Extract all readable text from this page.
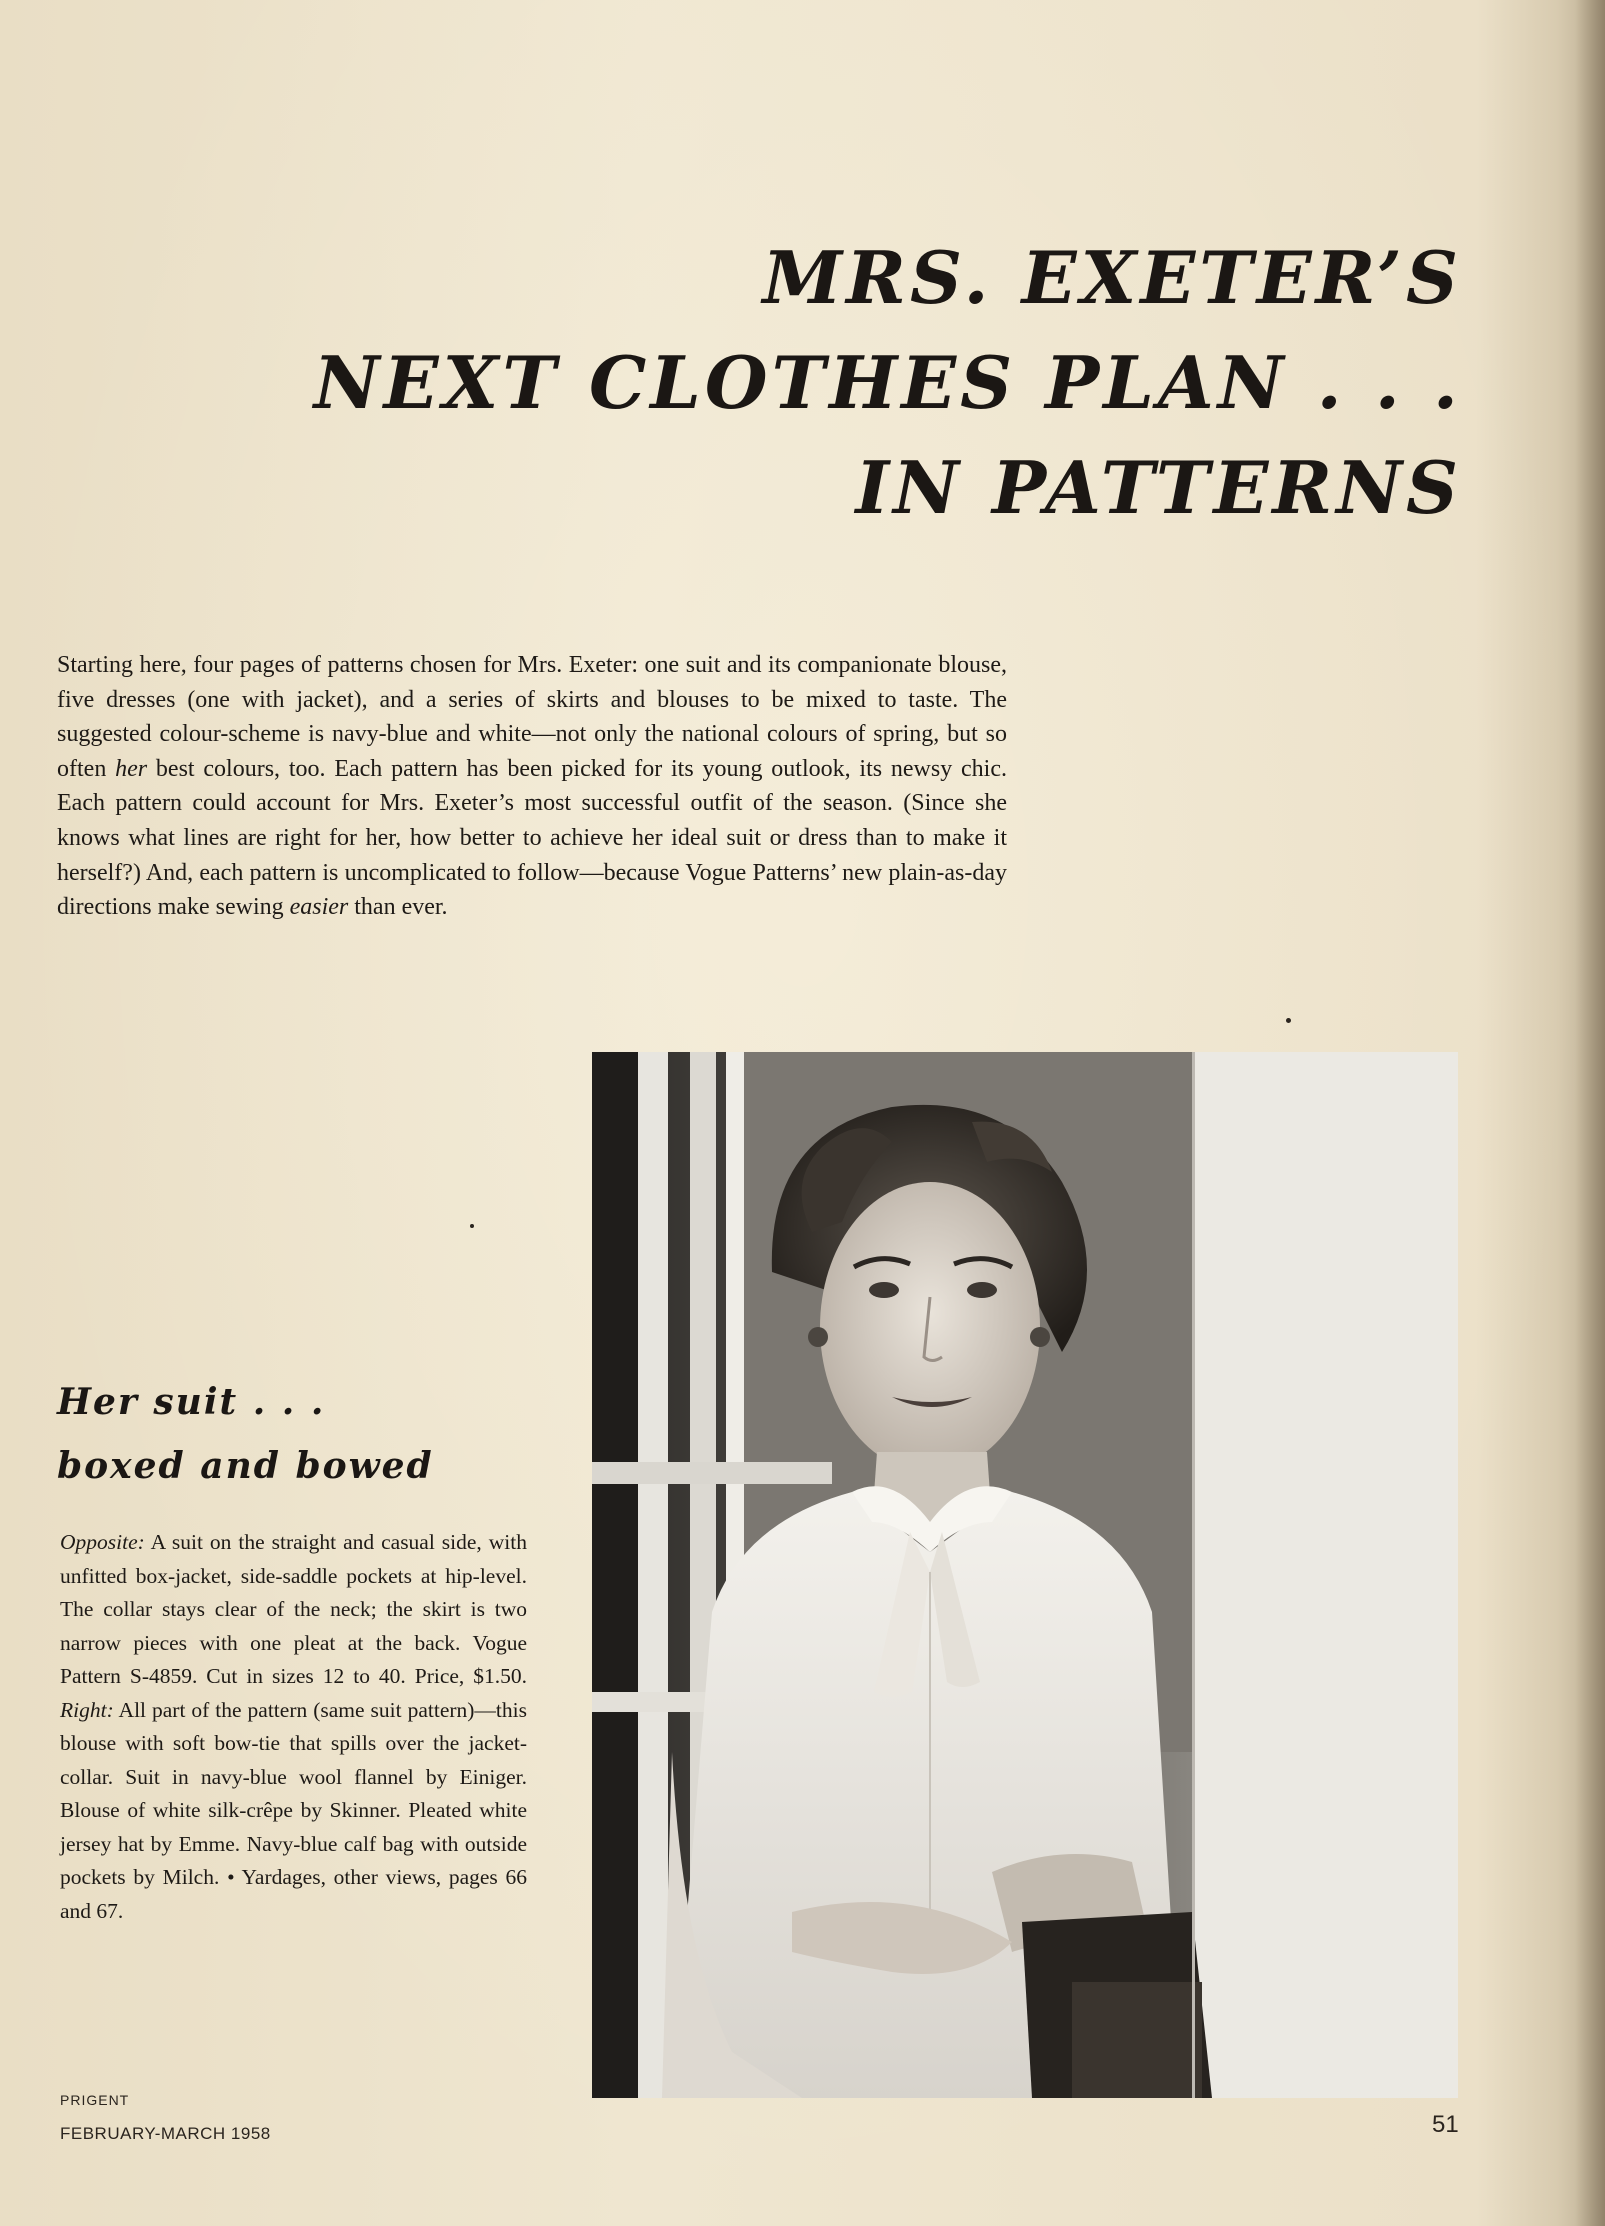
MRS. EXETER’S
NEXT CLOTHES PLAN . . .
IN PATTERNS

Starting here, four pages of patterns chosen for Mrs. Exeter: one suit and its companionate blouse, five dresses (one with jacket), and a series of skirts and blouses to be mixed to taste. The suggested colour-scheme is navy-blue and white—not only the national colours of spring, but so often her best colours, too. Each pattern has been picked for its young outlook, its newsy chic. Each pattern could account for Mrs. Exeter’s most successful outfit of the season. (Since she knows what lines are right for her, how better to achieve her ideal suit or dress than to make it herself?) And, each pattern is uncomplicated to follow—because Vogue Patterns’ new plain-as-day directions make sewing easier than ever.

Her suit . . .
boxed and bowed

Opposite: A suit on the straight and casual side, with unfitted box-jacket, side-saddle pockets at hip-level. The collar stays clear of the neck; the skirt is two narrow pieces with one pleat at the back. Vogue Pattern S-4859. Cut in sizes 12 to 40. Price, $1.50. Right: All part of the pattern (same suit pattern)—this blouse with soft bow-tie that spills over the jacket-collar. Suit in navy-blue wool flannel by Einiger. Blouse of white silk-crêpe by Skinner. Pleated white jersey hat by Emme. Navy-blue calf bag with outside pockets by Milch. • Yardages, other views, pages 66 and 67.

PRIGENT
FEBRUARY-MARCH 1958	51
